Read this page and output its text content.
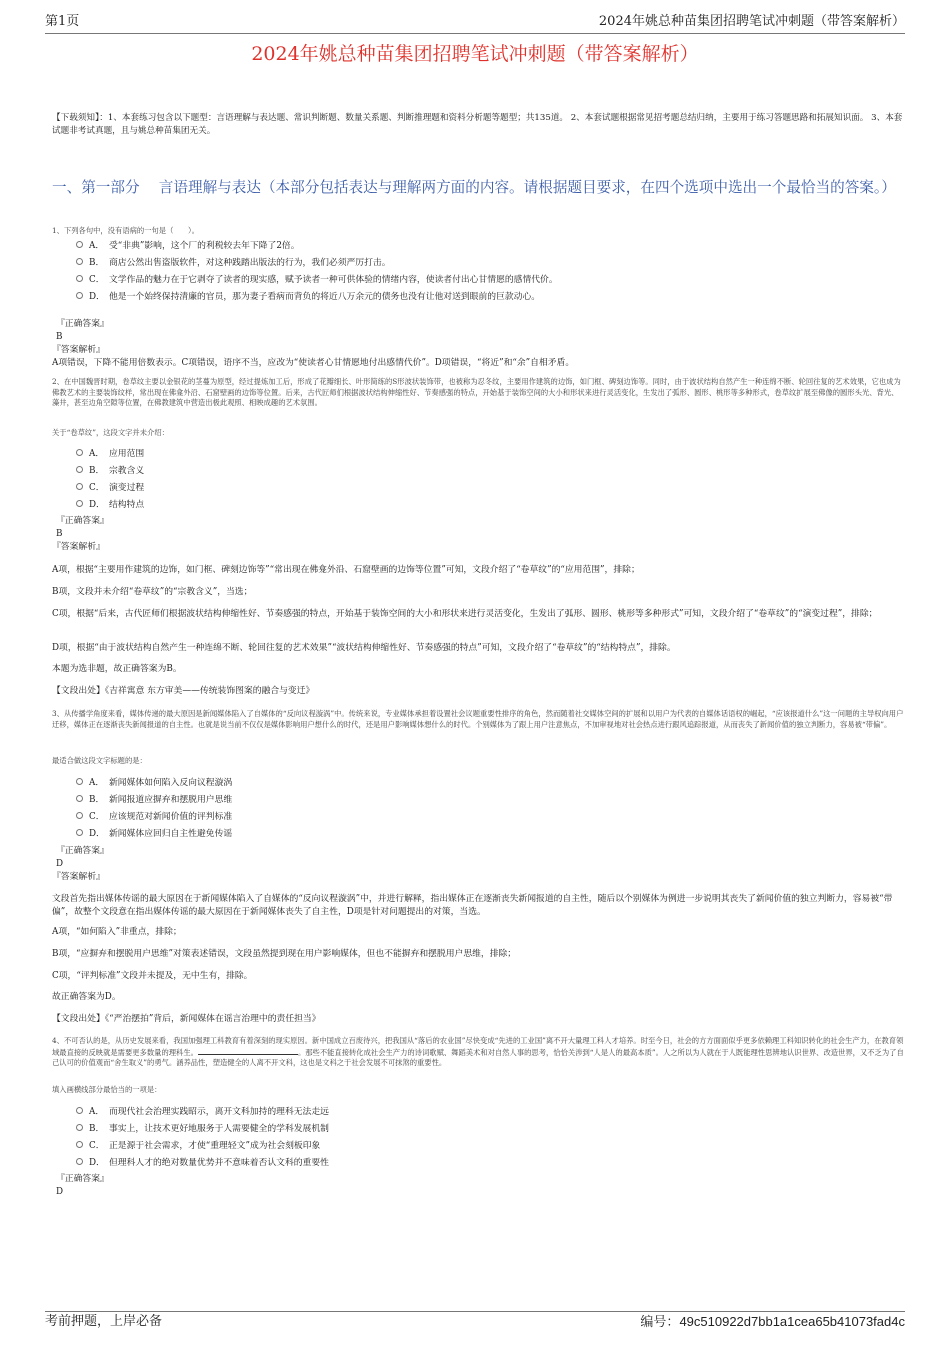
第1页	2024年姚总种苗集团招聘笔试冲刺题（带答案解析）
2024年姚总种苗集团招聘笔试冲刺题（带答案解析）
【下载须知】：1、本套练习包含以下题型：言语理解与表达题、常识判断题、数量关系题、判断推理题和资料分析题等题型；共135道。 2、本套试题根据常见招考题总结归纳，主要用于练习答题思路和拓展知识面。 3、本套试题非考试真题，且与姚总种苗集团无关。
一、第一部分　 言语理解与表达（本部分包括表达与理解两方面的内容。请根据题目要求，在四个选项中选出一个最恰当的答案。）
1、下列各句中，没有语病的一句是（　　）。
A． 受“非典”影响，这个厂的利税较去年下降了2倍。
B． 商店公然出售盗版软件，对这种践踏出版法的行为，我们必须严厉打击。
C． 文学作品的魅力在于它剥夺了读者的现实感，赋予读者一种可供体验的情绪内容，使读者付出心甘情愿的感情代价。
D． 他是一个始终保持清廉的官员，那为妻子看病而背负的将近八万余元的债务也没有让他对送到眼前的巨款动心。
『正确答案』
B
『答案解析』
A项错误，下降不能用倍数表示。C项错误，语序不当，应改为“使读者心甘情愿地付出感情代价”。D项错误，“将近”和“余”自相矛盾。
2、在中国魏晋时期，卷草纹主要以金银花的茎蔓为原型，经过提炼加工后，形成了花瓣细长、叶形简练的S形波状装饰带，也被称为忍冬纹，主要用作建筑的边饰，如门框、碑刻边饰等。同时，由于波状结构自然产生一种连绵不断、轮回往复的艺术效果，它也成为佛教艺术的主要装饰纹样，常出现在佛龛外沿、石窟壁画的边饰等位置。后来，古代匠师们根据波状结构伸缩性好、节奏感强的特点，开始基于装饰空间的大小和形状来进行灵活变化，生发出了弧形、圆形、桃形等多种形式，卷草纹扩展至佛像的圆形头光、背光、藻井，甚至边角空隙等位置，在佛教建筑中营造出极此观照、相映成趣的艺术氛围。
关于“卷草纹”，这段文字并未介绍：
A． 应用范围
B． 宗教含义
C． 演变过程
D． 结构特点
『正确答案』
B
『答案解析』
A项，根据“主要用作建筑的边饰，如门框、碑刻边饰等”“常出现在佛龛外沿、石窟壁画的边饰等位置”可知，文段介绍了“卷草纹”的“应用范围”，排除；
B项，文段并未介绍“卷草纹”的“宗教含义”，当选；
C项，根据“后来，古代匠师们根据波状结构伸缩性好、节奏感强的特点，开始基于装饰空间的大小和形状来进行灵活变化，生发出了弧形、圆形、桃形等多种形式”可知，文段介绍了“卷草纹”的“演变过程”，排除；
D项，根据“由于波状结构自然产生一种连绵不断、轮回往复的艺术效果”“波状结构伸缩性好、节奏感强的特点”可知，文段介绍了“卷草纹”的“结构特点”，排除。
本题为选非题，故正确答案为B。
【文段出处】《吉祥寓意 东方审美——传统装饰图案的融合与变迁》
3、从传播学角度来看，媒体传递的最大原因是新闻媒体陷入了自媒体的“反向议程漩涡”中。传统来说，专业媒体承担着设置社会议题重要性排序的角色，然而随着社交媒体空间的扩展和以用户为代表的自媒体话语权的崛起，“应该报道什么”这一问题的主导权向用户迁移，媒体正在逐渐丧失新闻报道的自主性。也就是说当前不仅仅是媒体影响用户想什么的时代，还是用户影响媒体想什么的时代。个别媒体为了跟上用户注意焦点，不加审视地对社会热点进行跟风追踪报道，从而丧失了新闻价值的独立判断力，容易被“带偏”。
最适合做这段文字标题的是：
A． 新闻媒体如何陷入反向议程漩涡
B． 新闻报道应摒弃和摆脱用户思维
C． 应该规范对新闻价值的评判标准
D． 新闻媒体应回归自主性避免传谣
『正确答案』
D
『答案解析』
文段首先指出媒体传谣的最大原因在于新闻媒体陷入了自媒体的“反向议程漩涡”中，并进行解释，指出媒体正在逐渐丧失新闻报道的自主性，随后以个别媒体为例进一步说明其丧失了新闻价值的独立判断力，容易被“带偏”，故整个文段意在指出媒体传谣的最大原因在于新闻媒体丧失了自主性，D项是针对问题提出的对策，当选。
A项，“如何陷入”非重点，排除；
B项，“应摒弃和摆脱用户思维”对策表述错误，文段虽然提到现在用户影响媒体，但也不能摒弃和摆脱用户思维，排除；
C项，“评判标准”文段并未提及，无中生有，排除。
故正确答案为D。
【文段出处】《“严治摆拍”背后，新闻媒体在谣言治理中的责任担当》
4、不可否认的是，从历史发展来看，我国加强理工科教育有着深刻的现实原因。新中国成立百废待兴，把我国从“落后的农业国”尽快变成“先进的工业国”离不开大量理工科人才培养。时至今日，社会的方方面面似乎更多依赖理工科知识转化的社会生产力，在教育领域最直接的反映就是需要更多数量的理科生。	。那些不能直接转化成社会生产力的诗词歌赋、舞蹈美术和对自然人事的思考，恰恰关涉到“人是人的最高本质”。人之所以为人就在于人既能理性思辨地认识世界、改造世界，又不乏为了自己认可的价值观而“舍生取义”的勇气。涵养品性，塑造健全的人离不开文科，这也是文科之于社会发展不可抹煞的重要性。
填入画横线部分最恰当的一项是：
A． 而现代社会治理实践昭示，离开文科加持的理科无法走远
B． 事实上，让技术更好地服务于人需要健全的学科发展机制
C． 正是源于社会需求，才使“重理轻文”成为社会刻板印象
D． 但理科人才的绝对数量优势并不意味着否认文科的重要性
『正确答案』
D
考前押题，上岸必备	编号：49c510922d7bb1a1cea65b41073fad4c
